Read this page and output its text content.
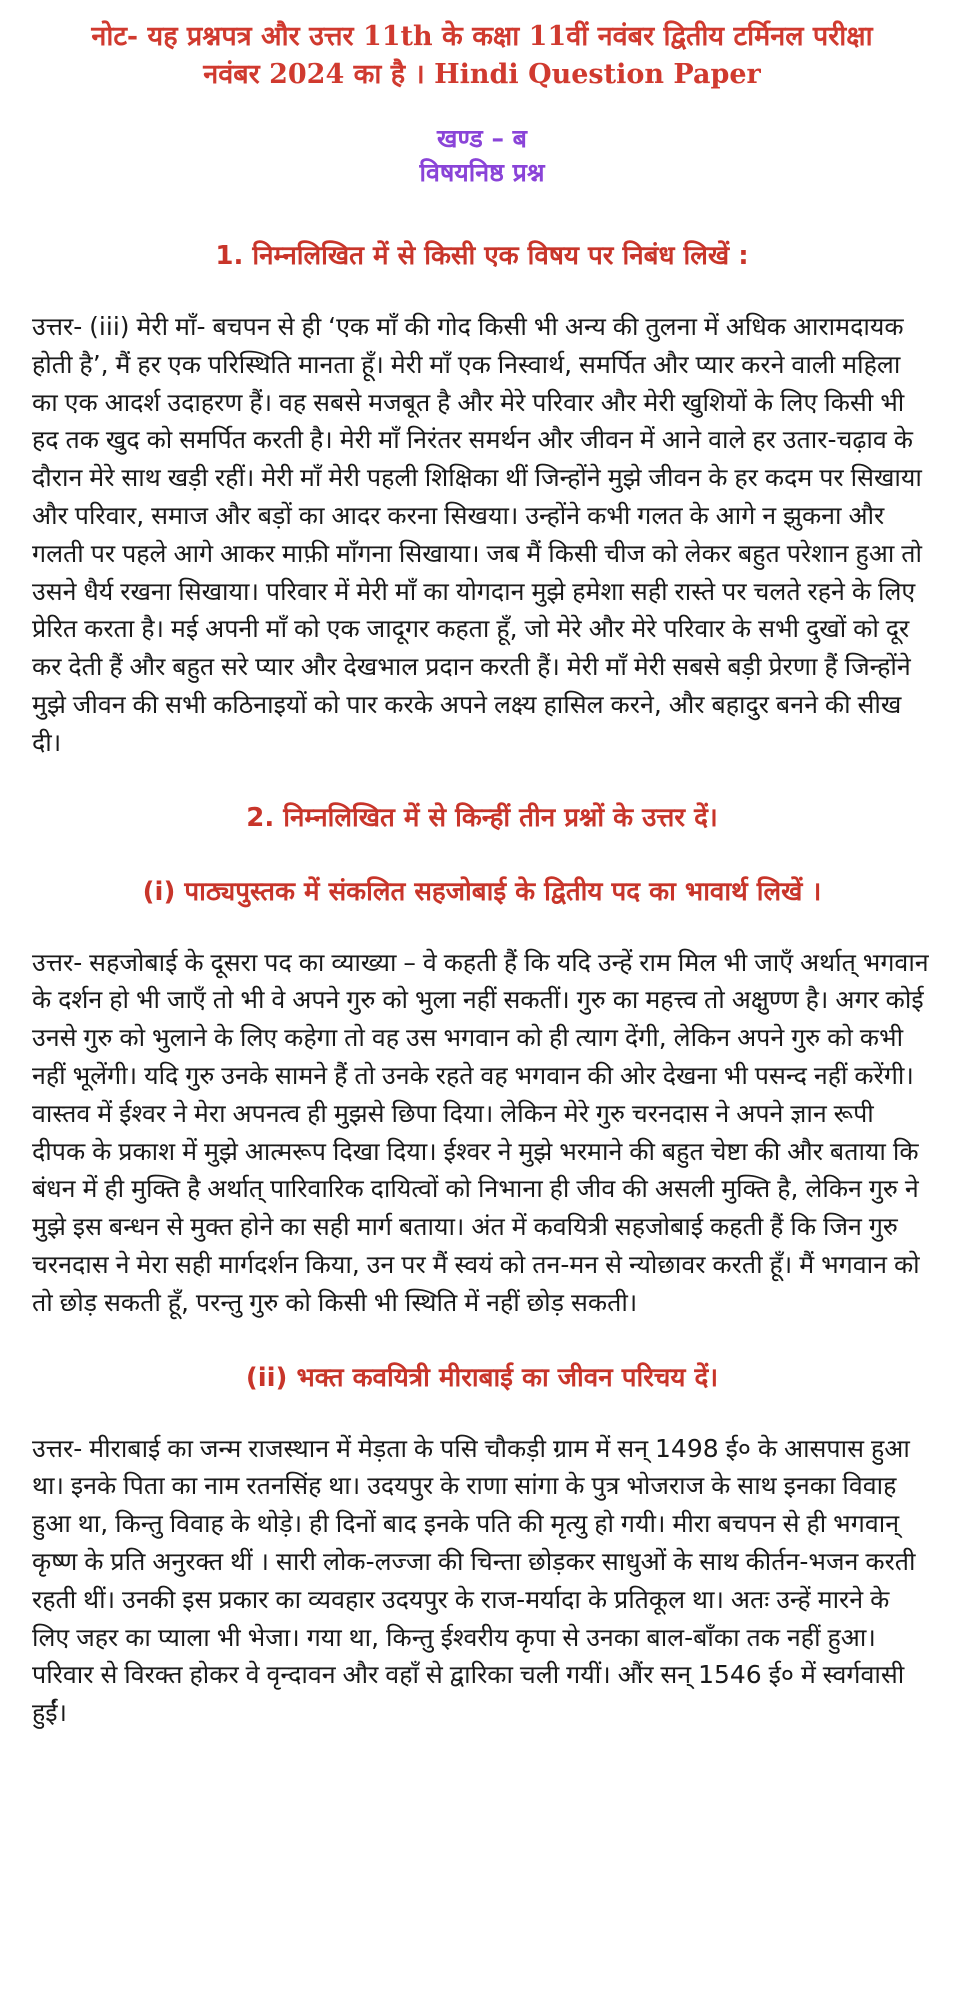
नोट- यह प्रश्नपत्र और उत्तर 11th के कक्षा 11वीं नवंबर द्वितीय टर्मिनल परीक्षा
नवंबर 2024 का है । Hindi Question Paper

खण्ड – ब

विषयनिष्ठ प्रश्न

1. निम्नलिखित में से किसी एक विषय पर निबंध लिखें :

उत्तर- (iii) मेरी माँ- बचपन से ही ‘एक माँ की गोद किसी भी अन्य की तुलना में अधिक आरामदायक होती है’, मैं हर एक परिस्थिति मानता हूँ। मेरी माँ एक निस्वार्थ, समर्पित और प्यार करने वाली महिला का एक आदर्श उदाहरण हैं। वह सबसे मजबूत है और मेरे परिवार और मेरी खुशियों के लिए किसी भी हद तक खुद को समर्पित करती है। मेरी माँ निरंतर समर्थन और जीवन में आने वाले हर उतार-चढ़ाव के दौरान मेरे साथ खड़ी रहीं। मेरी माँ मेरी पहली शिक्षिका थीं जिन्होंने मुझे जीवन के हर कदम पर सिखाया और परिवार, समाज और बड़ों का आदर करना सिखया। उन्होंने कभी गलत के आगे न झुकना और गलती पर पहले आगे आकर माफ़ी माँगना सिखाया। जब मैं किसी चीज को लेकर बहुत परेशान हुआ तो उसने धैर्य रखना सिखाया। परिवार में मेरी माँ का योगदान मुझे हमेशा सही रास्ते पर चलते रहने के लिए प्रेरित करता है। मई अपनी माँ को एक जादूगर कहता हूँ, जो मेरे और मेरे परिवार के सभी दुखों को दूर कर देती हैं और बहुत सरे प्यार और देखभाल प्रदान करती हैं। मेरी माँ मेरी सबसे बड़ी प्रेरणा हैं जिन्होंने मुझे जीवन की सभी कठिनाइयों को पार करके अपने लक्ष्य हासिल करने, और बहादुर बनने की सीख दी।

2. निम्नलिखित में से किन्हीं तीन प्रश्नों के उत्तर दें।
(i) पाठ्यपुस्तक में संकलित सहजोबाई के द्वितीय पद का भावार्थ लिखें ।

उत्तर- सहजोबाई के दूसरा पद का व्याख्या – वे कहती हैं कि यदि उन्हें राम मिल भी जाएँ अर्थात् भगवान के दर्शन हो भी जाएँ तो भी वे अपने गुरु को भुला नहीं सकतीं। गुरु का महत्त्व तो अक्षुण्ण है। अगर कोई उनसे गुरु को भुलाने के लिए कहेगा तो वह उस भगवान को ही त्याग देंगी, लेकिन अपने गुरु को कभी नहीं भूलेंगी। यदि गुरु उनके सामने हैं तो उनके रहते वह भगवान की ओर देखना भी पसन्द नहीं करेंगी। वास्तव में ईश्वर ने मेरा अपनत्व ही मुझसे छिपा दिया। लेकिन मेरे गुरु चरनदास ने अपने ज्ञान रूपी दीपक के प्रकाश में मुझे आत्मरूप दिखा दिया। ईश्वर ने मुझे भरमाने की बहुत चेष्टा की और बताया कि बंधन में ही मुक्ति है अर्थात् पारिवारिक दायित्वों को निभाना ही जीव की असली मुक्ति है, लेकिन गुरु ने मुझे इस बन्धन से मुक्त होने का सही मार्ग बताया। अंत में कवयित्री सहजोबाई कहती हैं कि जिन गुरु चरनदास ने मेरा सही मार्गदर्शन किया, उन पर मैं स्वयं को तन-मन से न्योछावर करती हूँ। मैं भगवान को तो छोड़ सकती हूँ, परन्तु गुरु को किसी भी स्थिति में नहीं छोड़ सकती।

(ii) भक्त कवयित्री मीराबाई का जीवन परिचय दें।

उत्तर- मीराबाई का जन्म राजस्थान में मेड़ता के पसि चौकड़ी ग्राम में सन् 1498 ई० के आसपास हुआ था। इनके पिता का नाम रतनसिंह था। उदयपुर के राणा सांगा के पुत्र भोजराज के साथ इनका विवाह हुआ था, किन्तु विवाह के थोड़े। ही दिनों बाद इनके पति की मृत्यु हो गयी। मीरा बचपन से ही भगवान् कृष्ण के प्रति अनुरक्त थीं । सारी लोक-लज्जा की चिन्ता छोड़कर साधुओं के साथ कीर्तन-भजन करती रहती थीं। उनकी इस प्रकार का व्यवहार उदयपुर के राज-मर्यादा के प्रतिकूल था। अतः उन्हें मारने के लिए जहर का प्याला भी भेजा। गया था, किन्तु ईश्वरीय कृपा से उनका बाल-बाँका तक नहीं हुआ। परिवार से विरक्त होकर वे वृन्दावन और वहाँ से द्वारिका चली गयीं। औंर सन् 1546 ई० में स्वर्गवासी हुईं।
